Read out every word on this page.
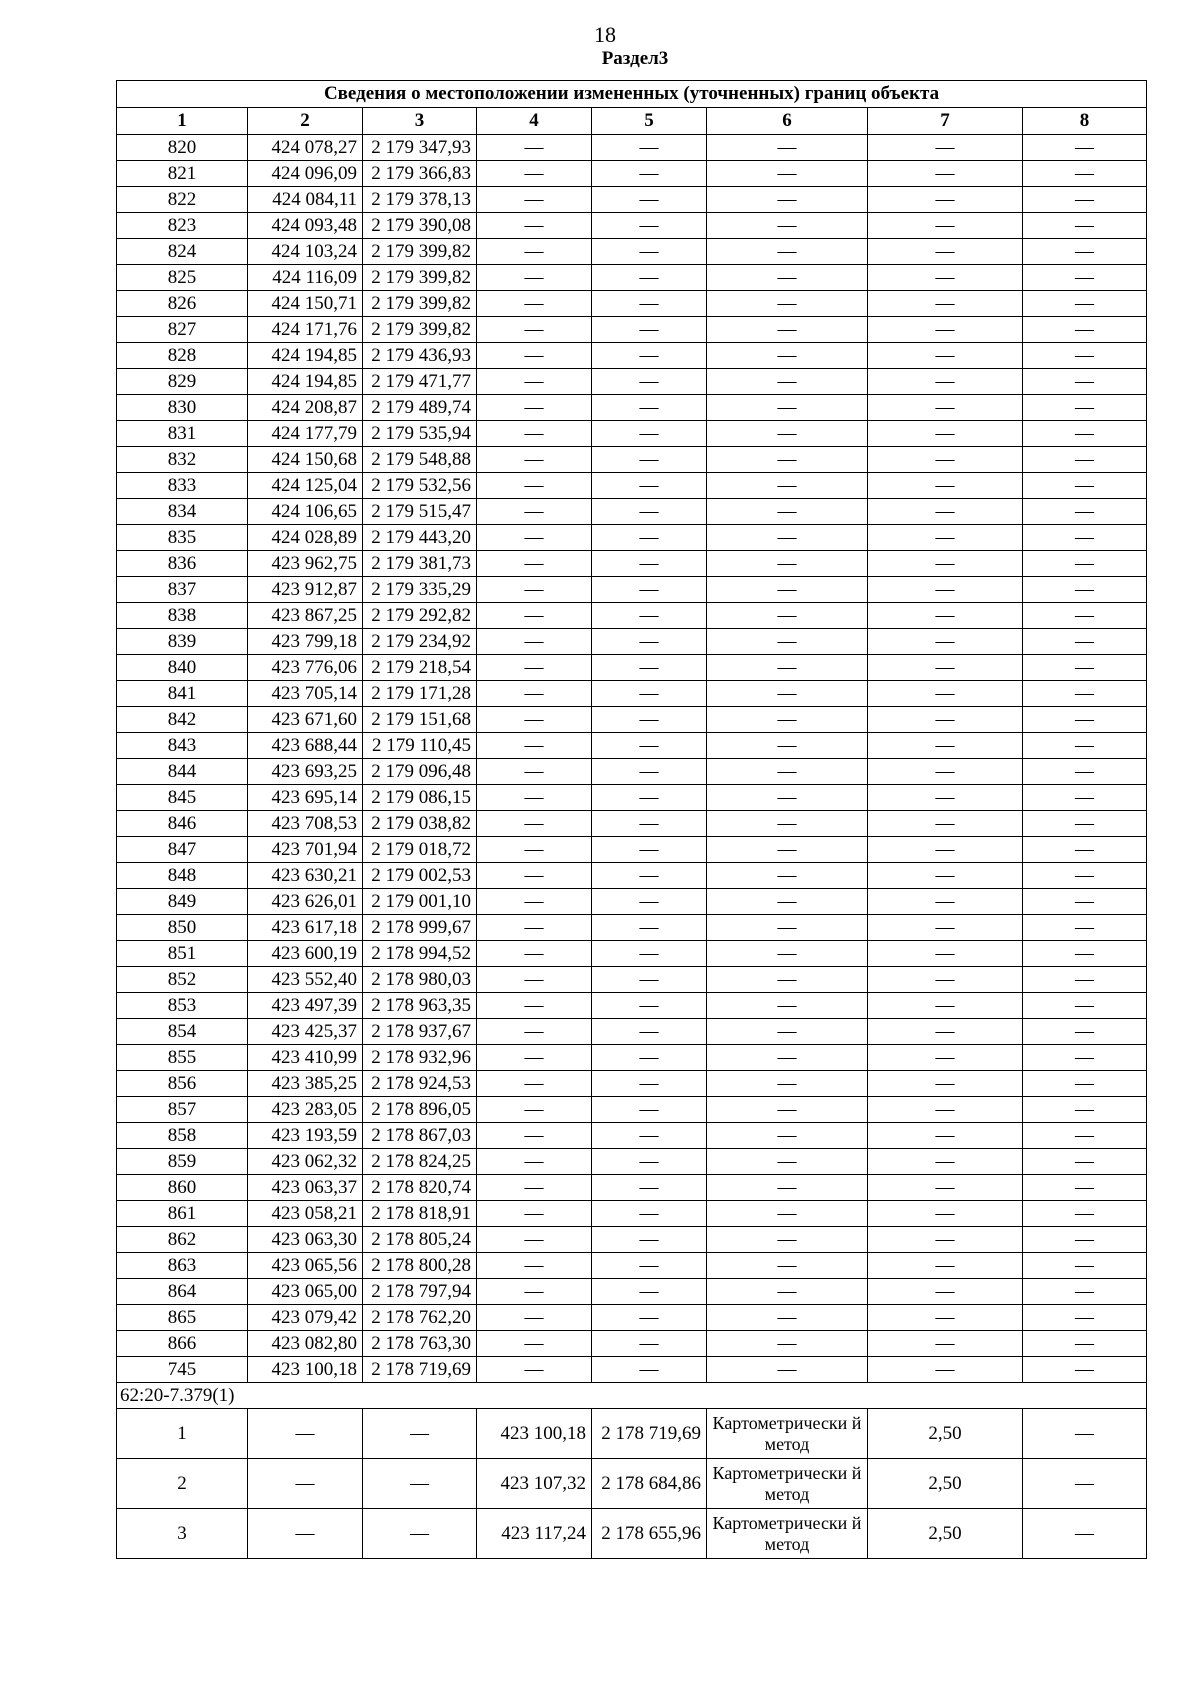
18
Раздел3
Сведения о местоположении измененных (уточненных) границ объекта							
1	2	3	4	5	6	7	8
820	424 078,27	2 179 347,93	—	—	—	—	—
821	424 096,09	2 179 366,83	—	—	—	—	—
822	424 084,11	2 179 378,13	—	—	—	—	—
823	424 093,48	2 179 390,08	—	—	—	—	—
824	424 103,24	2 179 399,82	—	—	—	—	—
825	424 116,09	2 179 399,82	—	—	—	—	—
826	424 150,71	2 179 399,82	—	—	—	—	—
827	424 171,76	2 179 399,82	—	—	—	—	—
828	424 194,85	2 179 436,93	—	—	—	—	—
829	424 194,85	2 179 471,77	—	—	—	—	—
830	424 208,87	2 179 489,74	—	—	—	—	—
831	424 177,79	2 179 535,94	—	—	—	—	—
832	424 150,68	2 179 548,88	—	—	—	—	—
833	424 125,04	2 179 532,56	—	—	—	—	—
834	424 106,65	2 179 515,47	—	—	—	—	—
835	424 028,89	2 179 443,20	—	—	—	—	—
836	423 962,75	2 179 381,73	—	—	—	—	—
837	423 912,87	2 179 335,29	—	—	—	—	—
838	423 867,25	2 179 292,82	—	—	—	—	—
839	423 799,18	2 179 234,92	—	—	—	—	—
840	423 776,06	2 179 218,54	—	—	—	—	—
841	423 705,14	2 179 171,28	—	—	—	—	—
842	423 671,60	2 179 151,68	—	—	—	—	—
843	423 688,44	2 179 110,45	—	—	—	—	—
844	423 693,25	2 179 096,48	—	—	—	—	—
845	423 695,14	2 179 086,15	—	—	—	—	—
846	423 708,53	2 179 038,82	—	—	—	—	—
847	423 701,94	2 179 018,72	—	—	—	—	—
848	423 630,21	2 179 002,53	—	—	—	—	—
849	423 626,01	2 179 001,10	—	—	—	—	—
850	423 617,18	2 178 999,67	—	—	—	—	—
851	423 600,19	2 178 994,52	—	—	—	—	—
852	423 552,40	2 178 980,03	—	—	—	—	—
853	423 497,39	2 178 963,35	—	—	—	—	—
854	423 425,37	2 178 937,67	—	—	—	—	—
855	423 410,99	2 178 932,96	—	—	—	—	—
856	423 385,25	2 178 924,53	—	—	—	—	—
857	423 283,05	2 178 896,05	—	—	—	—	—
858	423 193,59	2 178 867,03	—	—	—	—	—
859	423 062,32	2 178 824,25	—	—	—	—	—
860	423 063,37	2 178 820,74	—	—	—	—	—
861	423 058,21	2 178 818,91	—	—	—	—	—
862	423 063,30	2 178 805,24	—	—	—	—	—
863	423 065,56	2 178 800,28	—	—	—	—	—
864	423 065,00	2 178 797,94	—	—	—	—	—
865	423 079,42	2 178 762,20	—	—	—	—	—
866	423 082,80	2 178 763,30	—	—	—	—	—
745	423 100,18	2 178 719,69	—	—	—	—	—
62:20-7.379(1)							
1	—	—	423 100,18	2 178 719,69	Картометрически й метод	2,50	—
2	—	—	423 107,32	2 178 684,86	Картометрически й метод	2,50	—
3	—	—	423 117,24	2 178 655,96	Картометрически й метод	2,50	—
